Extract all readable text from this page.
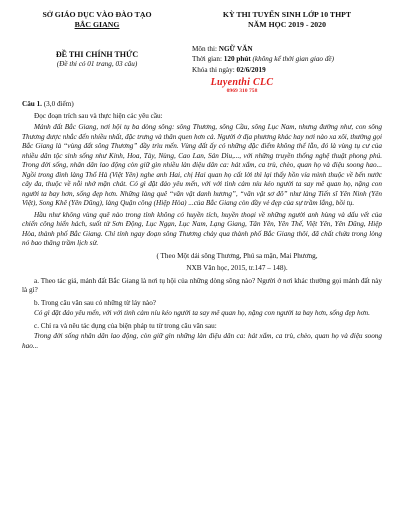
SỞ GIÁO DỤC VÀO ĐÀO TẠO
BẮC GIANG
KỲ THI TUYỂN SINH LỚP 10 THPT
NĂM HỌC 2019 - 2020
ĐỀ THI CHÍNH THỨC
(Đề thi có 01 trang, 03 câu)
Môn thi: NGỮ VĂN
Thời gian: 120 phút (không kể thời gian giao đề)
Khóa thi ngày: 02/6/2019
Luyenthi CLC
0969 310 758
Câu 1. (3,0 điểm)
Đọc đoạn trích sau và thực hiện các yêu cầu:
Mảnh đất Bắc Giang, nơi hội tụ ba dòng sông: sông Thương, sông Cầu, sông Lục Nam, nhưng đường như, con sông Thương được nhắc đến nhiều nhất, đặc trưng và thân quen hơn cả. Người ở địa phương khác hay nơi nào xa xôi, thường gọi Bắc Giang là “vùng đất sông Thương” đầy trìu mến. Vùng đất ấy có những đặc điểm không thể lẫn, đó là vùng tụ cư của nhiều dân tộc sinh sống như Kinh, Hoa, Tày, Nùng, Cao Lan, Sán Dìu,..., với những truyền thống nghệ thuật phong phú. Trong đời sống, nhân dân lao động còn giữ gìn nhiều làn điệu dân ca: hát xẩm, ca trù, chèo, quan họ và điệu soong hao... Ngồi trong đình làng Thổ Hà (Việt Yên) nghe anh Hai, chị Hai quan họ cất lời thì lại thấy hồn vía mình thuộc về bến nước cây đa, thuộc về nỗi nhớ mặn chát. Có gì đặt đáo yêu mến, với với tình cảm níu kéo người ta say mê quan họ, nặng con người ta bay hơn, sống đẹp hơn. Những làng quê “văn vật danh hương”, “văn vật sơ đô” như làng Tiến sĩ Yên Ninh (Yên Việt), Song Khê (Yên Dũng), làng Quận công (Hiệp Hòa) ...của Bắc Giang còn đầy vẻ đẹp của sự trầm lắng, bồi tụ.
Hầu như không vùng quê nào trong tỉnh không có huyền tích, huyền thoại về những người anh hùng và dấu vết của chiến công hiển hách, suốt từ Sơn Động, Lục Ngạn, Lục Nam, Lạng Giang, Tân Yên, Yên Thế, Việt Yên, Yên Dũng, Hiệp Hòa, thành phố Bắc Giang. Chỉ tính ngay đoạn sông Thương chảy qua thành phố Bắc Giang thôi, đã chất chứa trong lòng nó bao thăng trầm lịch sử.
( Theo Một dải sông Thương, Phú sa mận, Mai Phương,
NXB Văn học, 2015, tr.147 – 148).
a. Theo tác giả, mảnh đất Bắc Giang là nơi tụ hội của những dòng sông nào? Người ở nơi khác thường gọi mảnh đất này là gì?
b. Trong câu văn sau có những từ láy nào?
Có gì đặt đáo yêu mến, với với tình cảm níu kéo người ta say mê quan họ, nặng con người ta bay hơn, sống đẹp hơn.
c. Chỉ ra và nêu tác dụng của biện pháp tu từ trong câu văn sau:
Trong đời sống nhân dân lao động, còn giữ gìn những làn điệu dân ca: hát xẩm, ca trù, chèo, quan họ và điệu soong hao...
